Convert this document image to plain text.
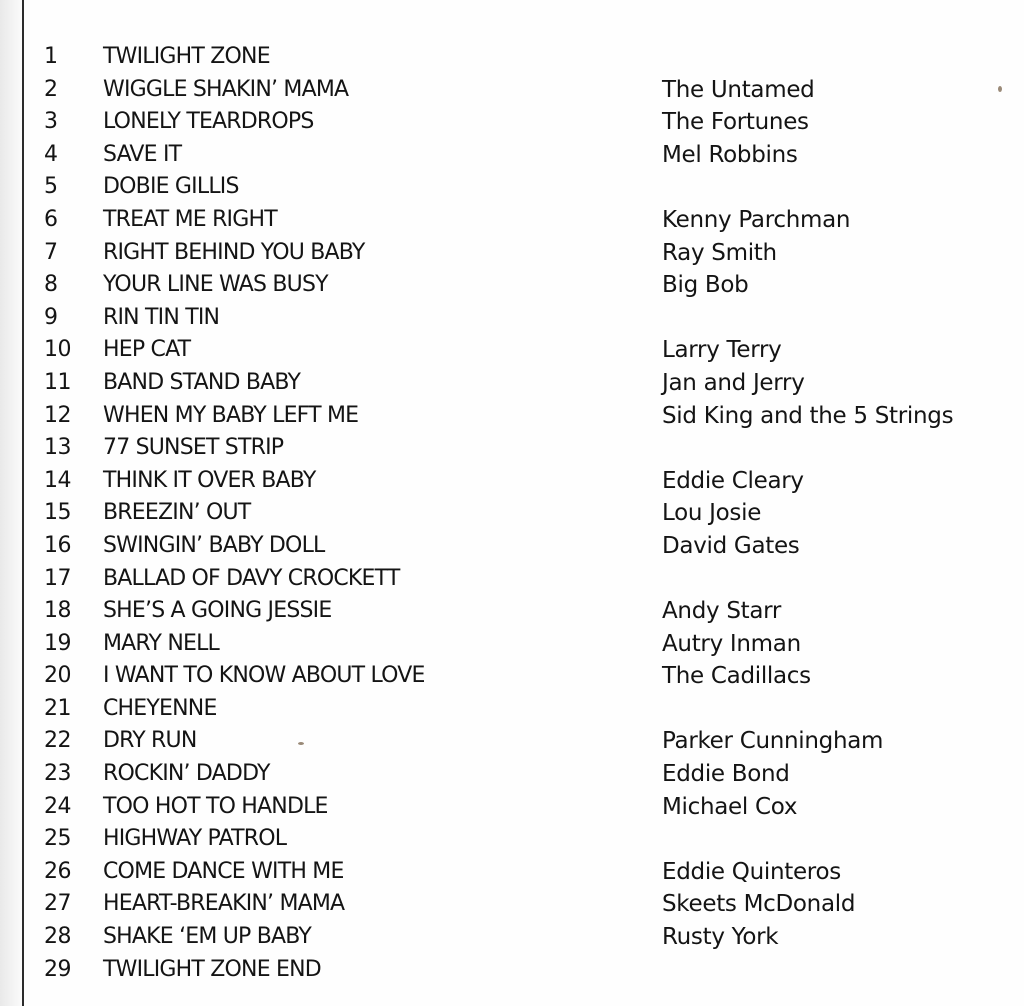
1	TWILIGHT ZONE
2	WIGGLE SHAKIN’ MAMA	The Untamed
3	LONELY TEARDROPS	The Fortunes
4	SAVE IT	Mel Robbins
5	DOBIE GILLIS
6	TREAT ME RIGHT	Kenny Parchman
7	RIGHT BEHIND YOU BABY	Ray Smith
8	YOUR LINE WAS BUSY	Big Bob
9	RIN TIN TIN
10	HEP CAT	Larry Terry
11	BAND STAND BABY	Jan and Jerry
12	WHEN MY BABY LEFT ME	Sid King and the 5 Strings
13	77 SUNSET STRIP
14	THINK IT OVER BABY	Eddie Cleary
15	BREEZIN’ OUT	Lou Josie
16	SWINGIN’ BABY DOLL	David Gates
17	BALLAD OF DAVY CROCKETT
18	SHE’S A GOING JESSIE	Andy Starr
19	MARY NELL	Autry Inman
20	I WANT TO KNOW ABOUT LOVE	The Cadillacs
21	CHEYENNE
22	DRY RUN	Parker Cunningham
23	ROCKIN’ DADDY	Eddie Bond
24	TOO HOT TO HANDLE	Michael Cox
25	HIGHWAY PATROL
26	COME DANCE WITH ME	Eddie Quinteros
27	HEART-BREAKIN’ MAMA	Skeets McDonald
28	SHAKE ‘EM UP BABY	Rusty York
29	TWILIGHT ZONE END
